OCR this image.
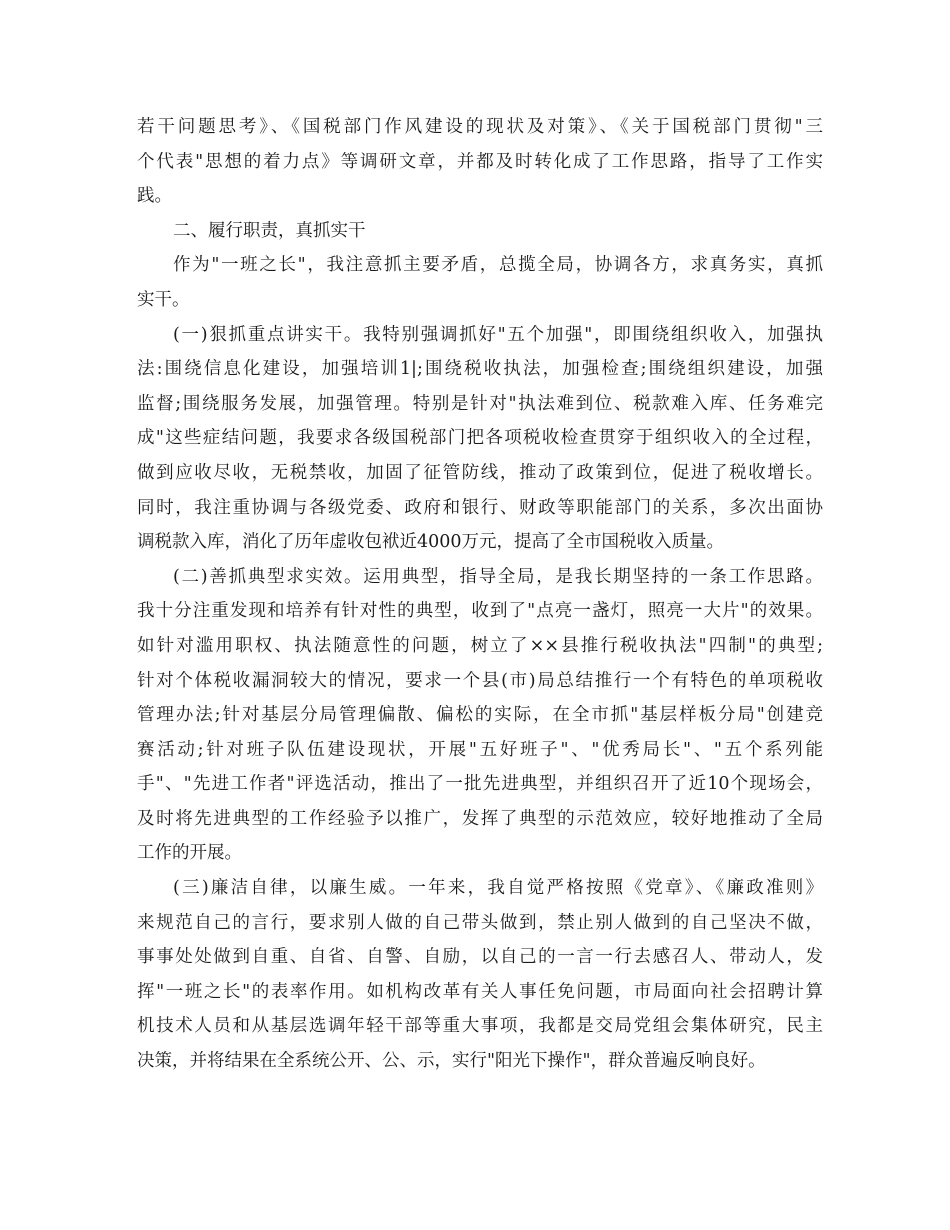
若干问题思考》、《国税部门作风建设的现状及对策》、《关于国税部门贯彻"三
个代表"思想的着力点》等调研文章，并都及时转化成了工作思路，指导了工作实
践。
二、履行职责，真抓实干
作为"一班之长"，我注意抓主要矛盾，总揽全局，协调各方，求真务实，真抓
实干。
(一)狠抓重点讲实干。我特别强调抓好"五个加强"，即围绕组织收入，加强执
法:围绕信息化建设，加强培训1|;围绕税收执法，加强检查;围绕组织建设，加强
监督;围绕服务发展，加强管理。特别是针对"执法难到位、税款难入库、任务难完
成"这些症结问题，我要求各级国税部门把各项税收检查贯穿于组织收入的全过程，
做到应收尽收，无税禁收，加固了征管防线，推动了政策到位，促进了税收增长。
同时，我注重协调与各级党委、政府和银行、财政等职能部门的关系，多次出面协
调税款入库，消化了历年虚收包袱近4000万元，提高了全市国税收入质量。
(二)善抓典型求实效。运用典型，指导全局，是我长期坚持的一条工作思路。
我十分注重发现和培养有针对性的典型，收到了"点亮一盏灯，照亮一大片"的效果。
如针对滥用职权、执法随意性的问题，树立了××县推行税收执法"四制"的典型;
针对个体税收漏洞较大的情况，要求一个县(市)局总结推行一个有特色的单项税收
管理办法;针对基层分局管理偏散、偏松的实际，在全市抓"基层样板分局"创建竞
赛活动;针对班子队伍建设现状，开展"五好班子"、"优秀局长"、"五个系列能
手"、"先进工作者"评选活动，推出了一批先进典型，并组织召开了近10个现场会，
及时将先进典型的工作经验予以推广，发挥了典型的示范效应，较好地推动了全局
工作的开展。
(三)廉洁自律，以廉生威。一年来，我自觉严格按照《党章》、《廉政准则》
来规范自己的言行，要求别人做的自己带头做到，禁止别人做到的自己坚决不做，
事事处处做到自重、自省、自警、自励，以自己的一言一行去感召人、带动人，发
挥"一班之长"的表率作用。如机构改革有关人事任免问题，市局面向社会招聘计算
机技术人员和从基层选调年轻干部等重大事项，我都是交局党组会集体研究，民主
决策，并将结果在全系统公开、公、示，实行"阳光下操作"，群众普遍反响良好。
